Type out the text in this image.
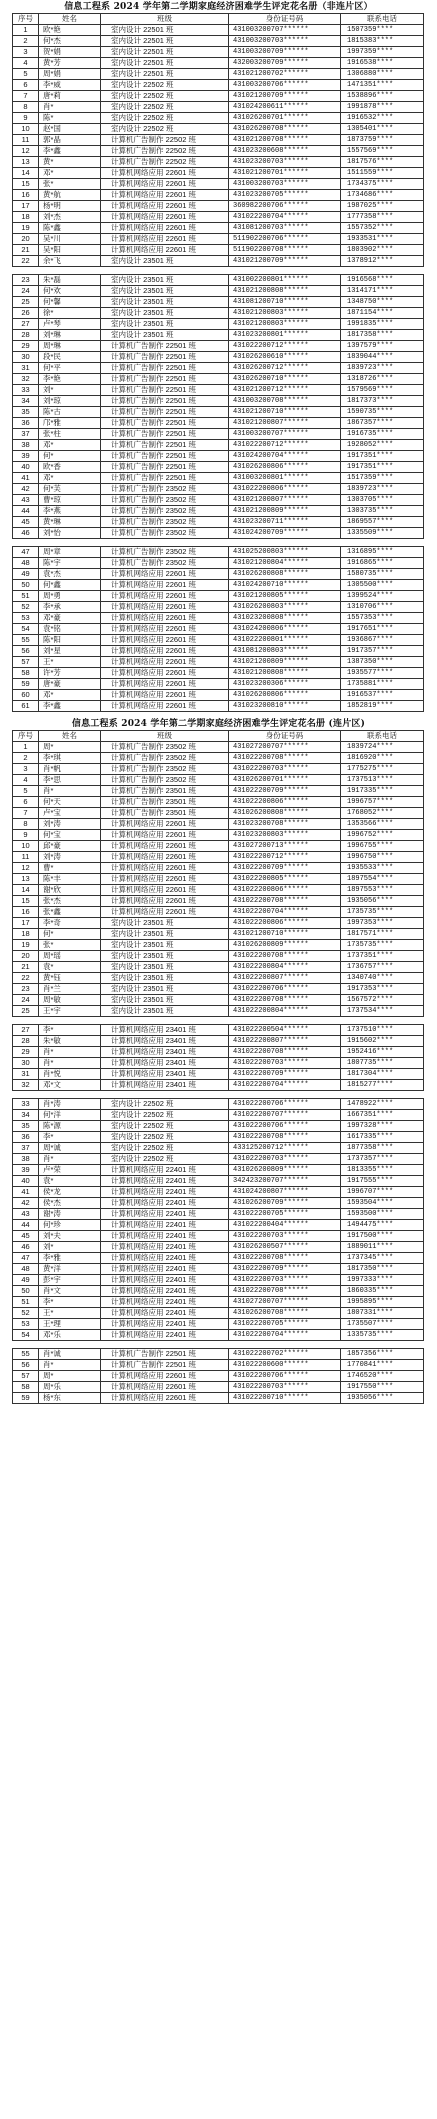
信息工程系 2024 学年第二学期家庭经济困难学生评定花名册（非连片区）
序号	姓名	班级	身份证号码	联系电话
1	欧*艳	室内设计 22501 班	431003200707******	1507359****
2	何*杰	室内设计 22501 班	431003200703******	1815383****
3	贺*娟	室内设计 22501 班	431003200709******	1997359****
4	黄*芳	室内设计 22501 班	432003200709******	1916538****
5	周*娟	室内设计 22501 班	431021200702******	1306880****
6	李*威	室内设计 22502 班	431003200706******	1471351****
7	唐*莉	室内设计 22502 班	431021200709******	1538896****
8	肖*	室内设计 22502 班	431024200611******	1991878****
9	陈*	室内设计 22502 班	431026200701******	1916532****
10	赵*国	室内设计 22502 班	431026200708******	1305401****
11	郭*晶	计算机广告制作 22502 班	431021200708******	1873759****
12	李*鑫	计算机广告制作 22502 班	431023200608******	1557569****
13	黄*	计算机广告制作 22502 班	431023200703******	1817576****
14	邓*	计算机网络应用 22601 班	431021200701******	1511559****
15	张*	计算机网络应用 22601 班	431003200703******	1734375****
16	黄*航	计算机网络应用 22601 班	431023200705******	1734686****
17	杨*明	计算机网络应用 22601 班	360982200706******	1987025****
18	刘*杰	计算机网络应用 22601 班	431022200704******	1777358****
19	陈*鑫	计算机网络应用 22601 班	431081200703******	1557352****
20	吴*川	计算机网络应用 22601 班	511902200706******	1933531****
21	吴*阳	计算机网络应用 22601 班	511902200708******	1803902****
22	余*飞	室内设计 23501 班	431021200709******	1378912****

23	朱*磊	室内设计 23501 班	431002200801******	1916568****
24	何*欢	室内设计 23501 班	431021200808******	1314171****
25	何*馨	室内设计 23501 班	431081200710******	1348750****
26	徐*	室内设计 23501 班	431021200803******	1871154****
27	卢*琴	室内设计 23501 班	431021200803******	1991835****
28	刘*琳	室内设计 23501 班	431023200801******	1817358****
29	周*琳	计算机广告制作 22501 班	431022200712******	1397579****
30	段*民	计算机广告制作 22501 班	431026200610******	1839044****
31	何*平	计算机广告制作 22501 班	431026200712******	1839723****
32	李*艳	计算机广告制作 22501 班	431026200710******	1318726****
33	刘*	计算机广告制作 22501 班	431021200712******	1579569****
34	刘*琼	计算机广告制作 22501 班	431003200708******	1817373****
35	陈*古	计算机广告制作 22501 班	431021200710******	1590735****
36	邝*雅	计算机广告制作 22501 班	431021200807******	1867357****
37	张*柱	计算机广告制作 22501 班	431003200707******	1916735****
38	邓*	计算机广告制作 22501 班	431022200712******	1928052****
39	何*	计算机广告制作 22501 班	431024200704******	1917351****
40	欧*香	计算机广告制作 22501 班	431026200806******	1917351****
41	邓*	计算机广告制作 22501 班	431003200801******	1517359****
42	何*芙	计算机广告制作 23502 班	431022200806******	1839723****
43	曹*琼	计算机广告制作 23502 班	431021200807******	1303705****
44	李*燕	计算机广告制作 23502 班	431021200809******	1303735****
45	黄*琳	计算机广告制作 23502 班	431023200711******	1869557****
46	刘*怡	计算机广告制作 23502 班	431024200709******	1335509****

47	周*章	计算机广告制作 23502 班	431025200803******	1316895****
48	陈*宇	计算机广告制作 23502 班	431021200804******	1916865****
49	袁*杰	计算机网络应用 22601 班	431026200808******	1580735****
50	何*鑫	计算机网络应用 22601 班	431024200710******	1305500****
51	周*勇	计算机网络应用 22601 班	431021200805******	1399524****
52	李*承	计算机网络应用 22601 班	431026200803******	1310706****
53	邓*豪	计算机网络应用 22601 班	431023200808******	1557353****
54	袁*铭	计算机网络应用 22601 班	431024200806******	1917651****
55	陈*阳	计算机网络应用 22601 班	431022200801******	1936867****
56	刘*星	计算机网络应用 22601 班	431081200803******	1917357****
57	王*	计算机网络应用 22601 班	431021200809******	1387350****
58	许*芳	计算机网络应用 22601 班	431021200808******	1935577****
59	唐*豪	计算机网络应用 22601 班	431023200306******	1735881****
60	邓*	计算机网络应用 22601 班	431026200806******	1916537****
61	李*鑫	计算机网络应用 22601 班	431023200810******	1852819****
信息工程系 2024 学年第二学期家庭经济困难学生评定花名册 (连片区)
序号	姓名	班级	身份证号码	联系电话
1	周*	计算机广告制作 23502 班	431027200707******	1839724****
2	李*琪	计算机广告制作 23502 班	431022200708******	1816920****
3	肖*帆	计算机广告制作 23502 班	431022200703******	1775275****
4	李*思	计算机广告制作 23502 班	431026200701******	1737513****
5	肖*	计算机广告制作 23501 班	431022200709******	1917335****
6	何*天	计算机广告制作 23501 班	431022200806******	1996757****
7	卢*宝	计算机广告制作 23501 班	431026200808******	1768052****
8	刘*涛	计算机网络应用 22601 班	431023200708******	1353566****
9	何*宝	计算机网络应用 22601 班	431023200803******	1996752****
10	邱*豪	计算机网络应用 22601 班	431027200713******	1996755****
11	刘*涛	计算机网络应用 22601 班	431022200712******	1996750****
12	曹*	计算机网络应用 22601 班	431022200709******	1935533****
13	陈*丰	计算机网络应用 22601 班	431022200805******	1897554****
14	谢*欣	计算机网络应用 22601 班	431022200806******	1897553****
15	张*杰	计算机网络应用 22601 班	431022200708******	1935056****
16	张*鑫	计算机网络应用 22601 班	431022200704******	1735735****
17	李*奇	室内设计 23501 班	431022200806******	1997353****
18	何*	室内设计 23501 班	431021200710******	1817571****
19	张*	室内设计 23501 班	431026200809******	1735735****
20	周*瑶	室内设计 23501 班	431022200708******	1737351****
21	袁*	室内设计 23501 班	431022200804******	1736757****
22	黄*钰	室内设计 23501 班	431022200807******	1340740****
23	肖*兰	室内设计 23501 班	431022200706******	1917353****
24	周*敏	室内设计 23501 班	431022200708******	1567572****
25	王*宇	室内设计 23501 班	431022200804******	1737534****

27	李*	计算机网络应用 23401 班	431022200504******	1737510****
28	朱*敏	计算机网络应用 23401 班	431022200807******	1915602****
29	肖*	计算机网络应用 23401 班	431022200708******	1952416****
30	肖*	计算机网络应用 23401 班	431022200703******	1807735****
31	肖*悦	计算机网络应用 23401 班	431022200709******	1817304****
32	邓*文	计算机网络应用 23401 班	431022200704******	1815277****

33	肖*涛	室内设计 22502 班	431022200706******	1478922****
34	何*洋	室内设计 22502 班	431022200707******	1667351****
35	陈*源	室内设计 22502 班	431022200706******	1997328****
36	李*	室内设计 22502 班	431022200708******	1617335****
37	周*诚	室内设计 22502 班	433125200712******	1877358****
38	肖*	室内设计 22502 班	431022200703******	1737357****
39	卢*荣	计算机网络应用 22401 班	431026200809******	1813355****
40	袁*	计算机网络应用 22401 班	342423200707******	1917555****
41	侯*龙	计算机网络应用 22401 班	431024200807******	1996707****
42	侯*杰	计算机网络应用 22401 班	431026200709******	1593504****
43	谢*涛	计算机网络应用 22401 班	431022200705******	1593500****
44	何*珍	计算机网络应用 22401 班	431022200404******	1494475****
45	刘*夫	计算机网络应用 22401 班	431022200703******	1917500****
46	刘*	计算机网络应用 22401 班	431026200507******	1889011****
47	李*雅	计算机网络应用 22401 班	431022200708******	1737345****
48	黄*洋	计算机网络应用 22401 班	431022200709******	1817350****
49	彭*宇	计算机网络应用 22401 班	431022200703******	1997333****
50	肖*文	计算机网络应用 22401 班	431022200708******	1860335****
51	李*	计算机网络应用 22401 班	431027200707******	1995895****
52	王*	计算机网络应用 22401 班	431026200708******	1807331****
53	王*理	计算机网络应用 22401 班	431022200705******	1735507****
54	邓*乐	计算机网络应用 22401 班	431022200704******	1335735****

55	肖*诚	计算机广告制作 22501 班	431022200702******	1857356****
56	肖*	计算机广告制作 22501 班	431022200600******	1770841****
57	周*	计算机网络应用 22601 班	431022200706******	1746520****
58	周*乐	计算机网络应用 22601 班	431022200703******	1917550****
59	杨*东	计算机网络应用 22601 班	431022200710******	1935056****
